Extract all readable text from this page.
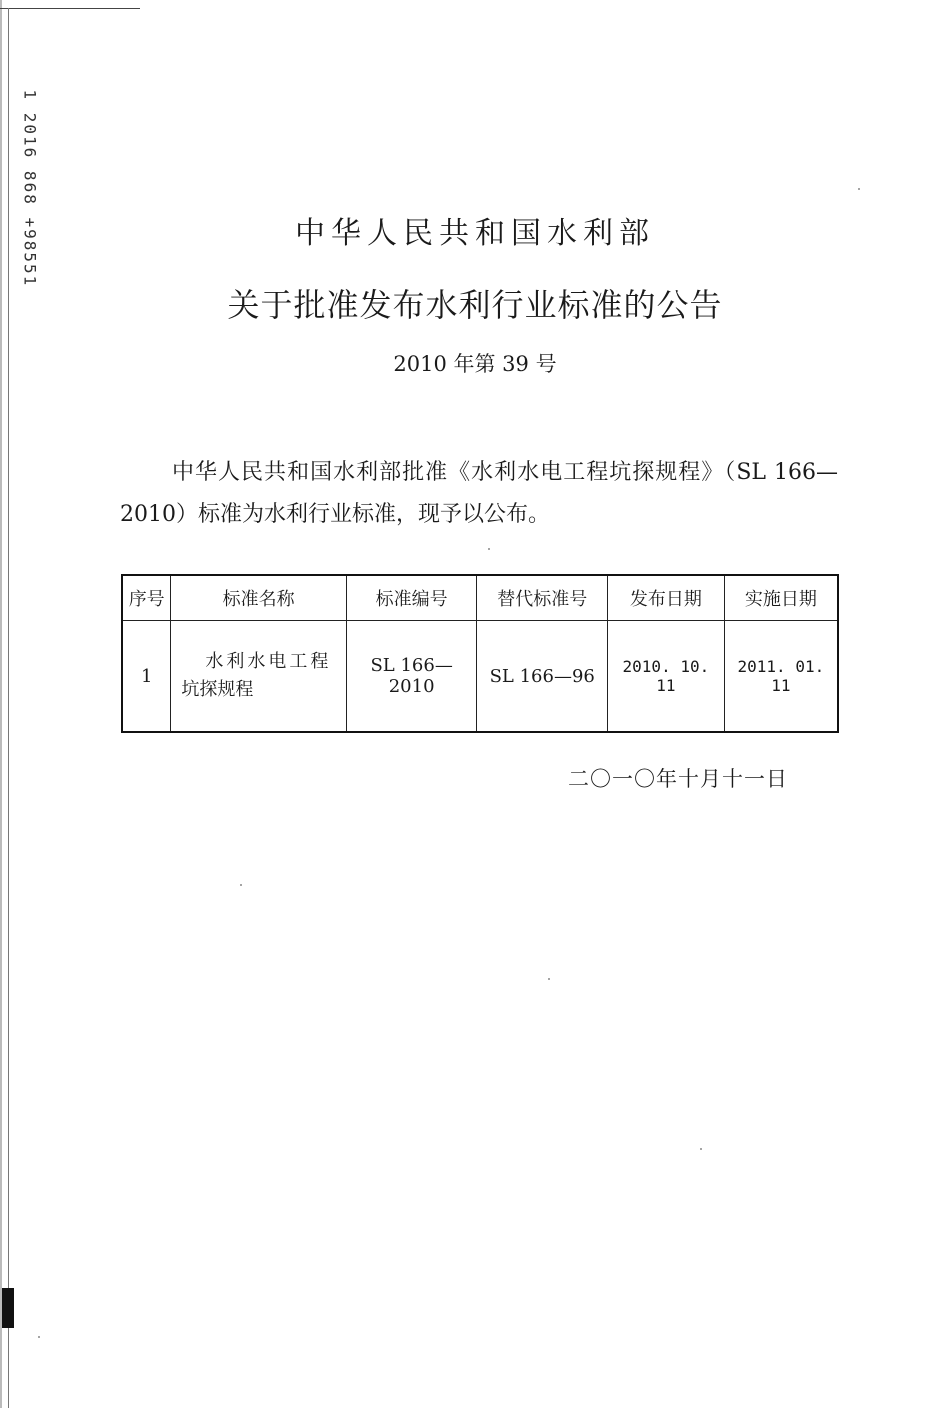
1 2016 868 +98551	中华人民共和国水利部
关于批准发布水利行业标准的公告
2010 年第 39 号
中华人民共和国水利部批准《水利水电工程坑探规程》（SL 166—2010）标准为水利行业标准，现予以公布。
序号	标准名称	标准编号	替代标准号	发布日期	实施日期
1	水利水电工程
坑探规程	SL 166—2010	SL 166—96	2010. 10. 11	2011. 01. 11
二〇一〇年十月十一日
